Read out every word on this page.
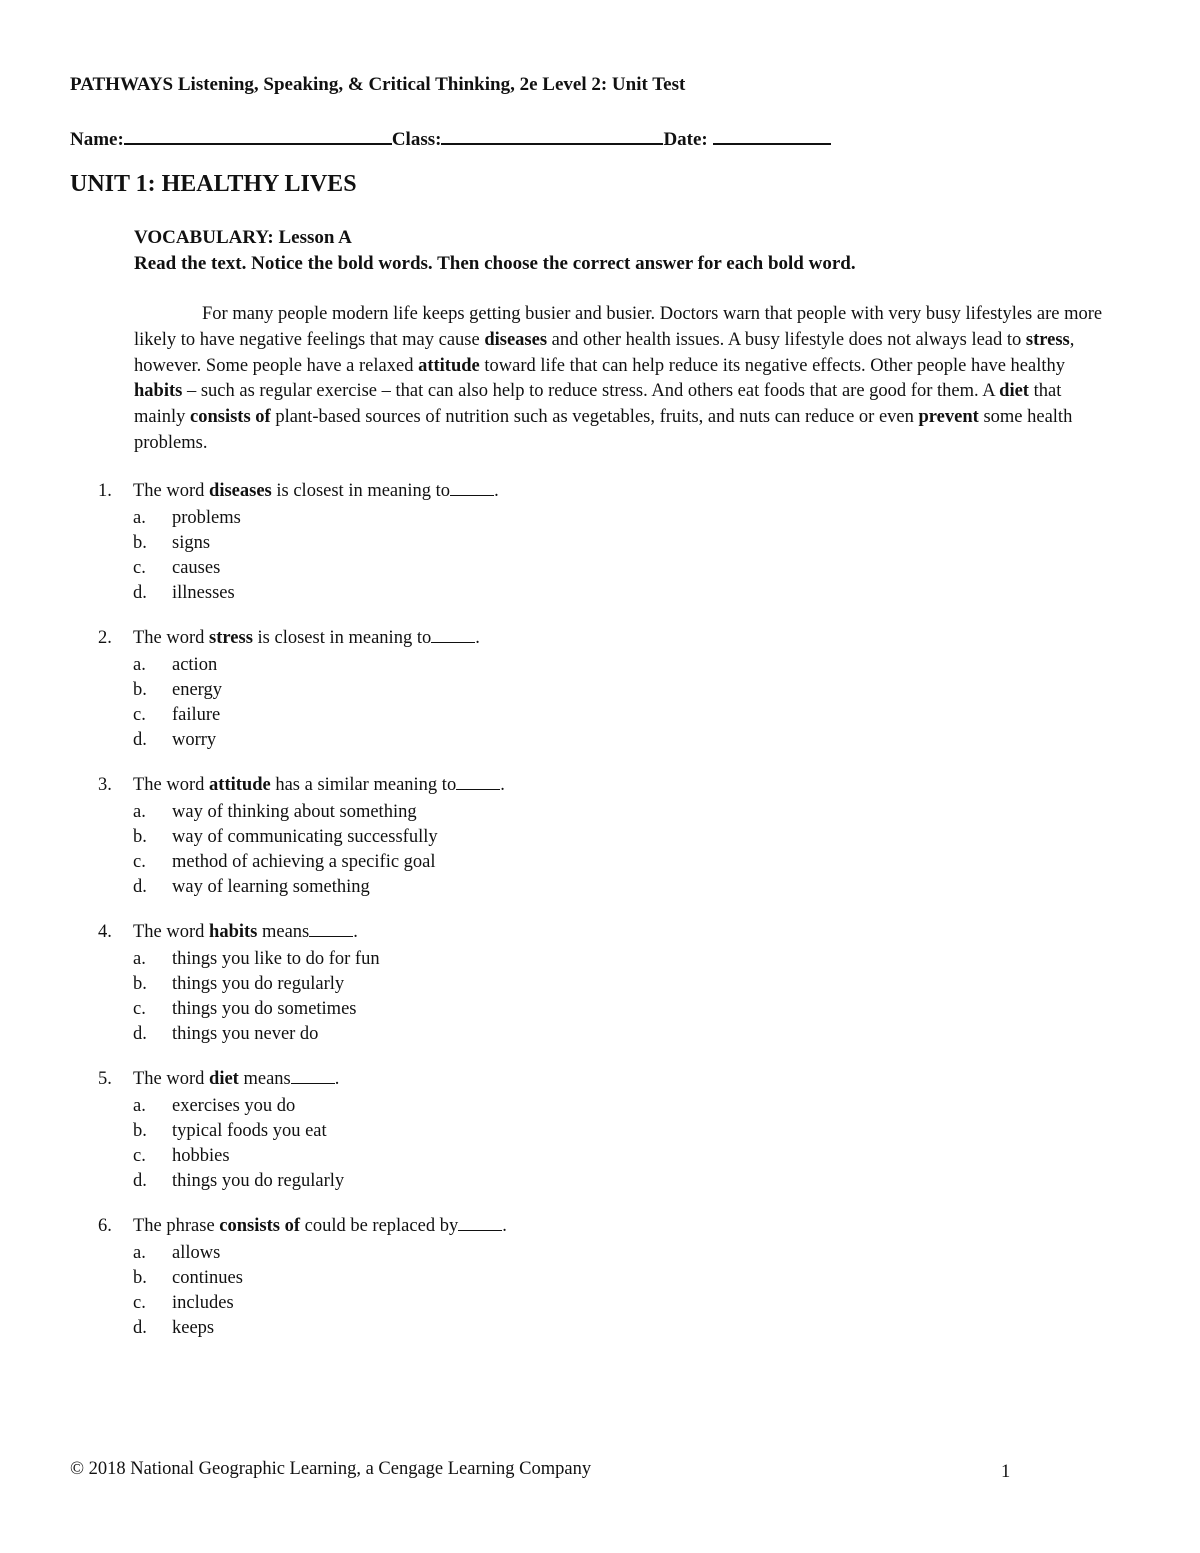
PATHWAYS Listening, Speaking, & Critical Thinking, 2e Level 2: Unit Test
Name:	Class:	Date:
UNIT 1: HEALTHY LIVES
VOCABULARY: Lesson A
Read the text. Notice the bold words. Then choose the correct answer for each bold word.

For many people modern life keeps getting busier and busier. Doctors warn that people with very busy lifestyles are more likely to have negative feelings that may cause diseases and other health issues. A busy lifestyle does not always lead to stress, however. Some people have a relaxed attitude toward life that can help reduce its negative effects. Other people have healthy habits – such as regular exercise – that can also help to reduce stress. And others eat foods that are good for them. A diet that mainly consists of plant-based sources of nutrition such as vegetables, fruits, and nuts can reduce or even prevent some health problems.

1. The word diseases is closest in meaning to .
a. problems
b. signs
c. causes
d. illnesses
2. The word stress is closest in meaning to .
a. action
b. energy
c. failure
d. worry
3. The word attitude has a similar meaning to .
a. way of thinking about something
b. way of communicating successfully
c. method of achieving a specific goal
d. way of learning something
4. The word habits means .
a. things you like to do for fun
b. things you do regularly
c. things you do sometimes
d. things you never do
5. The word diet means .
a. exercises you do
b. typical foods you eat
c. hobbies
d. things you do regularly
6. The phrase consists of could be replaced by .
a. allows
b. continues
c. includes
d. keeps
© 2018 National Geographic Learning, a Cengage Learning Company	1
